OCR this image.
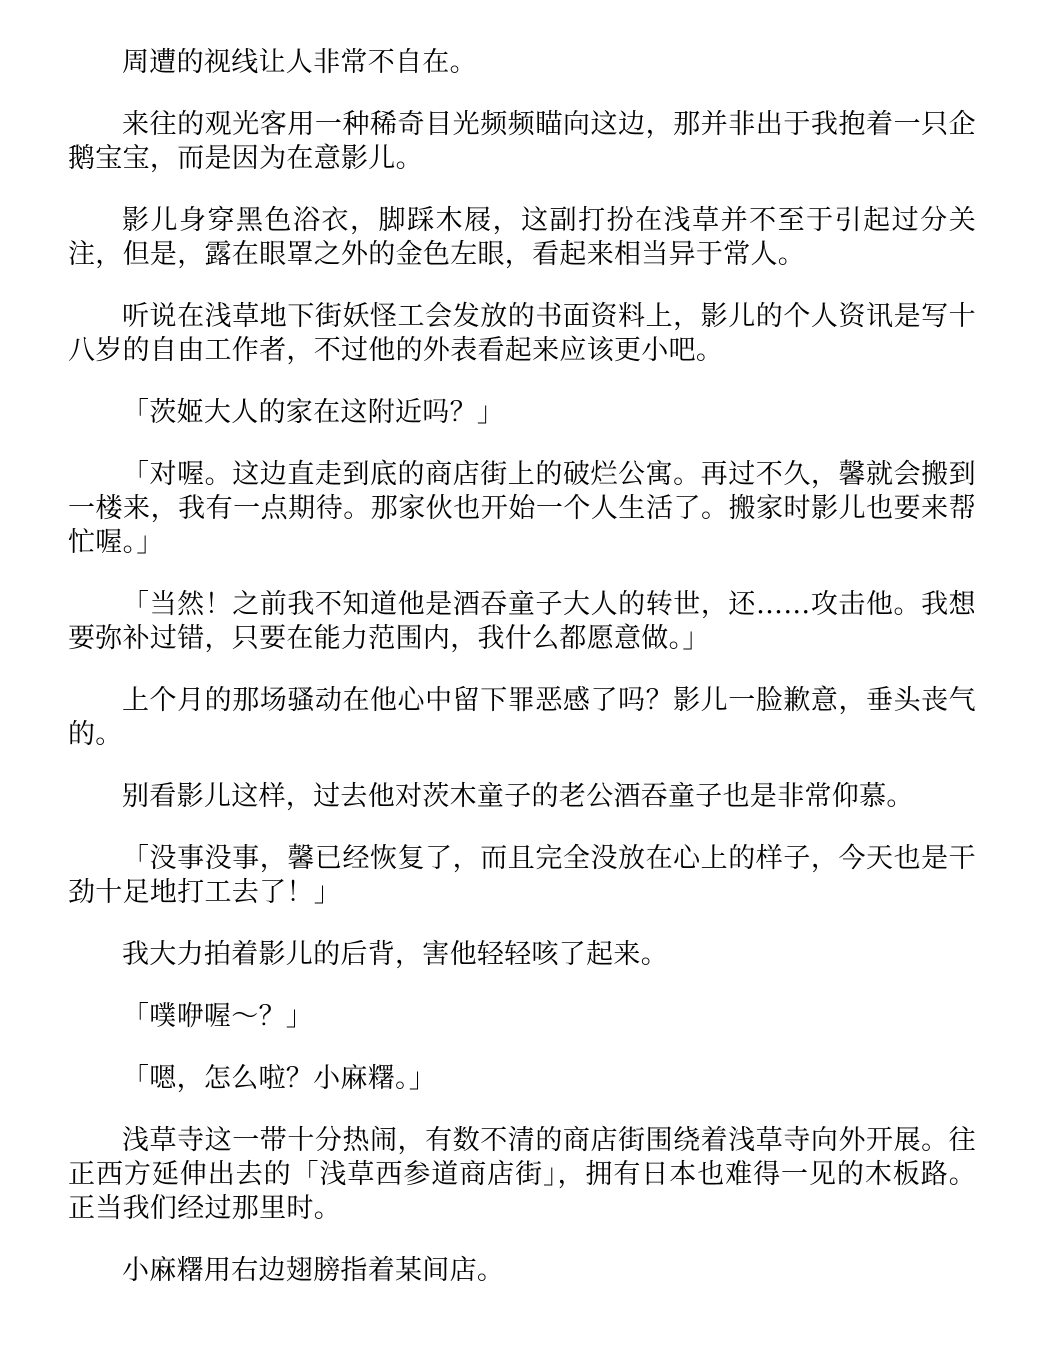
周遭的视线让人非常不自在。

来往的观光客用一种稀奇目光频频瞄向这边，那并非出于我抱着一只企鹅宝宝，而是因为在意影儿。

影儿身穿黑色浴衣，脚踩木屐，这副打扮在浅草并不至于引起过分关注，但是，露在眼罩之外的金色左眼，看起来相当异于常人。

听说在浅草地下街妖怪工会发放的书面资料上，影儿的个人资讯是写十八岁的自由工作者，不过他的外表看起来应该更小吧。

「茨姬大人的家在这附近吗？」

「对喔。这边直走到底的商店街上的破烂公寓。再过不久，馨就会搬到一楼来，我有一点期待。那家伙也开始一个人生活了。搬家时影儿也要来帮忙喔。」

「当然！之前我不知道他是酒吞童子大人的转世，还……攻击他。我想要弥补过错，只要在能力范围内，我什么都愿意做。」

上个月的那场骚动在他心中留下罪恶感了吗？影儿一脸歉意，垂头丧气的。

别看影儿这样，过去他对茨木童子的老公酒吞童子也是非常仰慕。

「没事没事，馨已经恢复了，而且完全没放在心上的样子，今天也是干劲十足地打工去了！」

我大力拍着影儿的后背，害他轻轻咳了起来。

「噗咿喔～？」

「嗯，怎么啦？小麻糬。」

浅草寺这一带十分热闹，有数不清的商店街围绕着浅草寺向外开展。往正西方延伸出去的「浅草西参道商店街」，拥有日本也难得一见的木板路。正当我们经过那里时。

小麻糬用右边翅膀指着某间店。
